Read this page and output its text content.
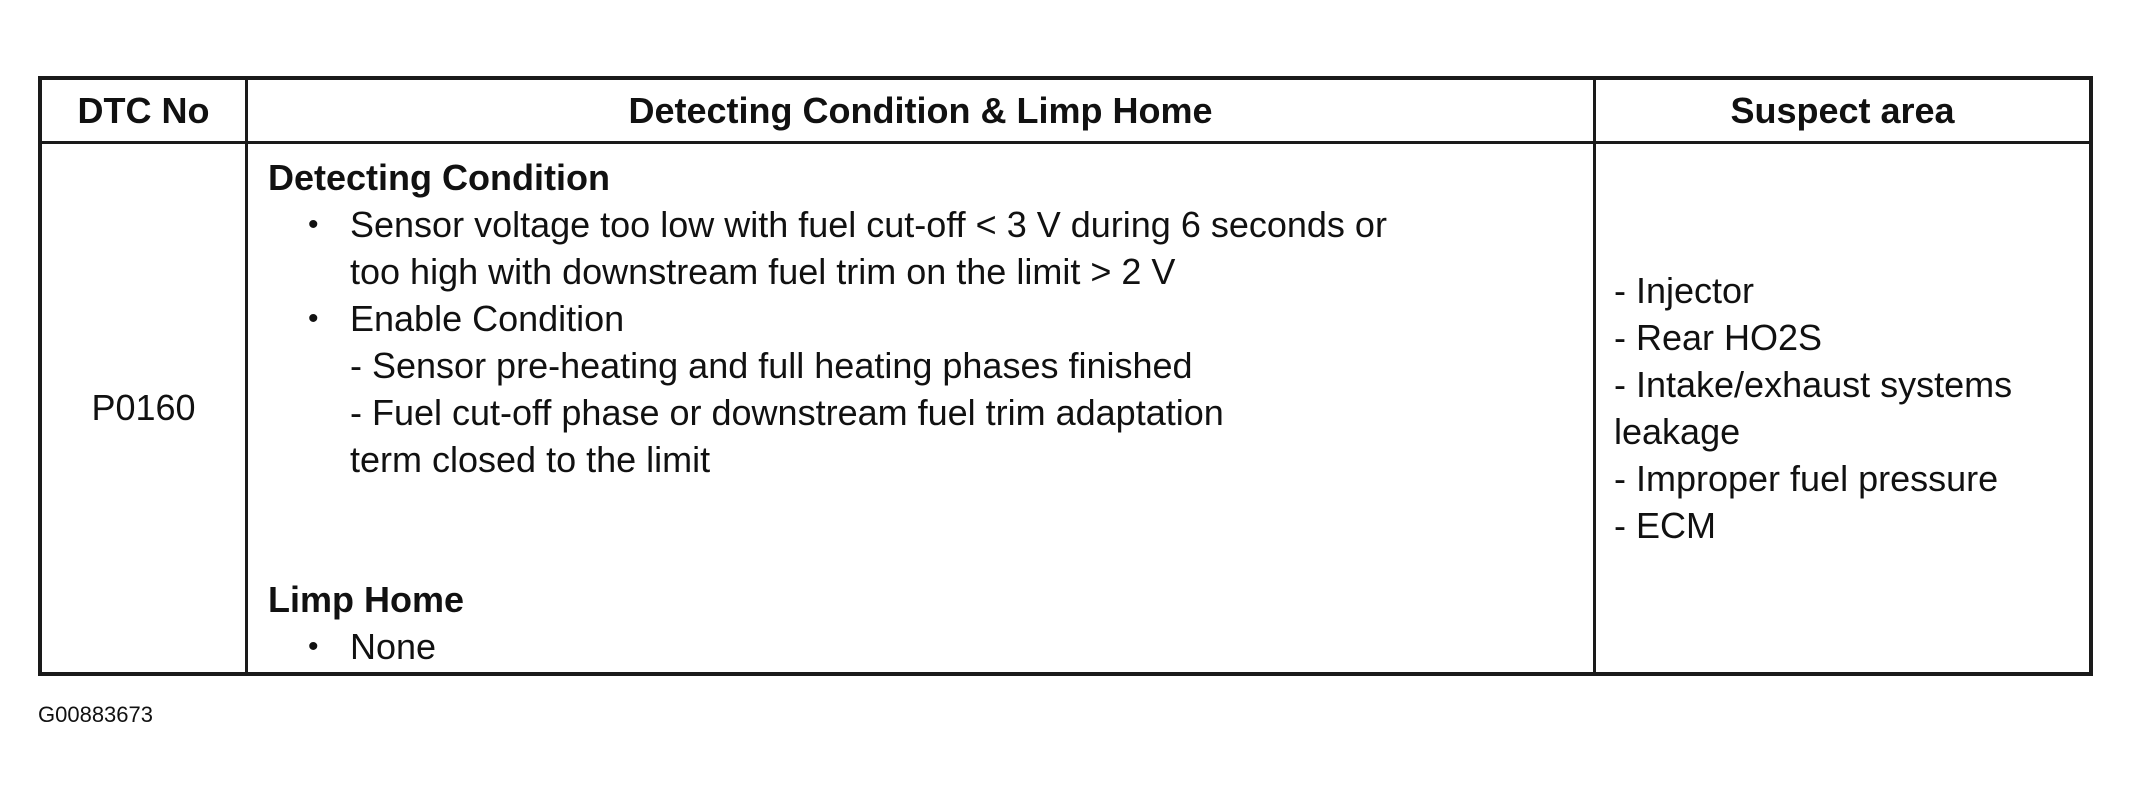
DTC No	Detecting Condition & Limp Home	Suspect area
P0160
Detecting Condition
• Sensor voltage too low with fuel cut-off < 3 V during 6 seconds or
too high with downstream fuel trim on the limit > 2 V
• Enable Condition
- Sensor pre-heating and full heating phases finished
- Fuel cut-off phase or downstream fuel trim adaptation
term closed to the limit
Limp Home
• None
- Injector
- Rear HO2S
- Intake/exhaust systems
leakage
- Improper fuel pressure
- ECM
G00883673
